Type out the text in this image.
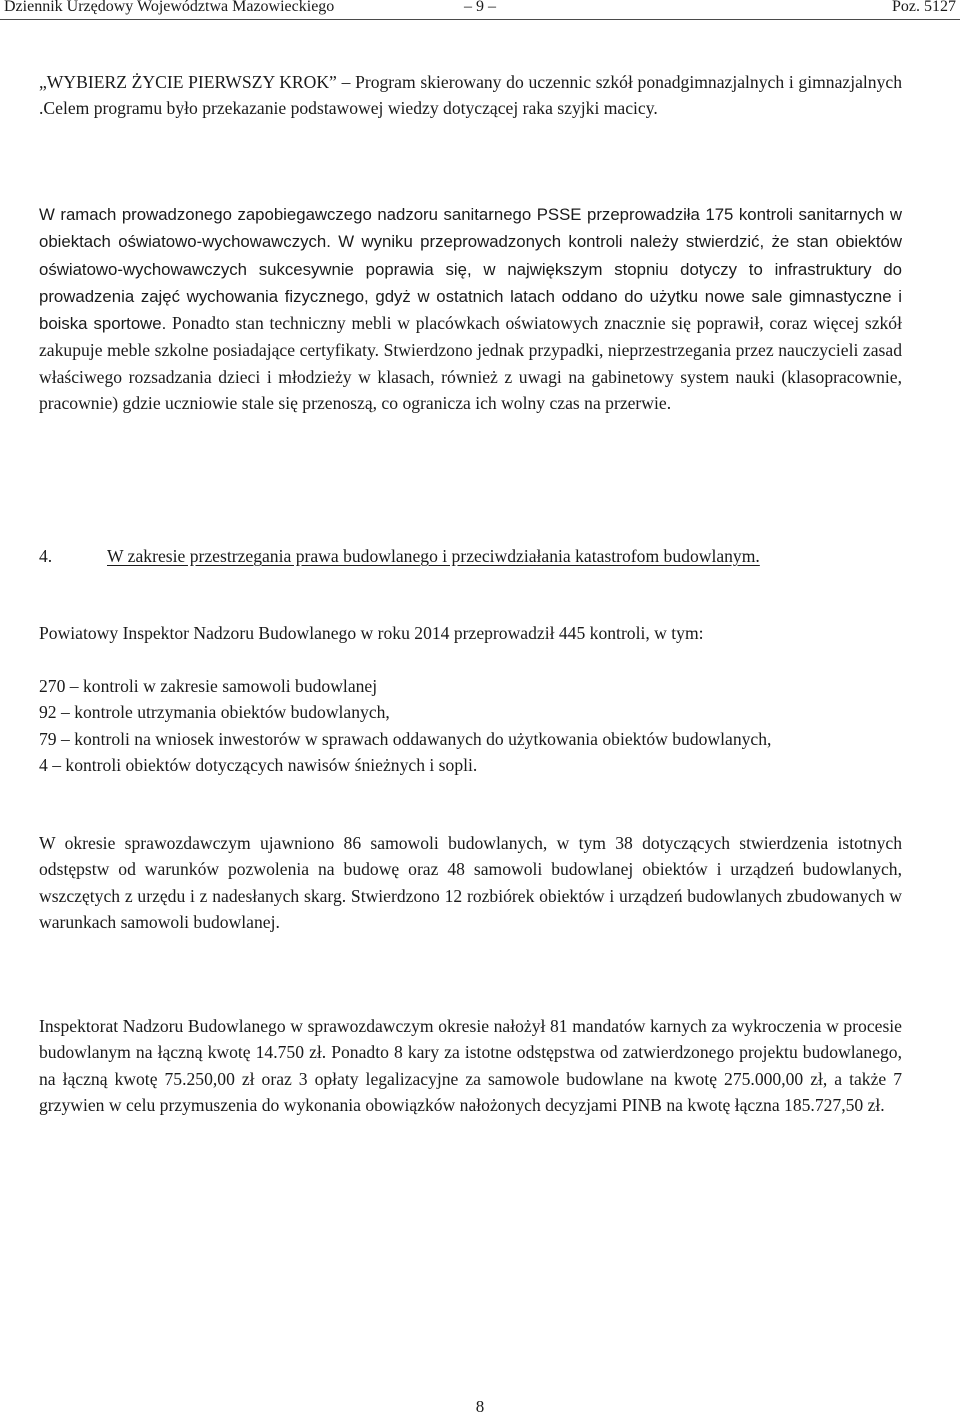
Dziennik Urzędowy Województwa Mazowieckiego	– 9 –	Poz. 5127

„WYBIERZ ŻYCIE PIERWSZY KROK” – Program skierowany do uczennic szkół ponadgimnazjalnych i gimnazjalnych .Celem programu było przekazanie podstawowej wiedzy dotyczącej raka szyjki macicy.

W ramach prowadzonego zapobiegawczego nadzoru sanitarnego PSSE przeprowadziła 175 kontroli sanitarnych w obiektach oświatowo-wychowawczych. W wyniku przeprowadzonych kontroli należy stwierdzić, że stan obiektów oświatowo-wychowawczych sukcesywnie poprawia się, w największym stopniu dotyczy to infrastruktury do prowadzenia zajęć wychowania fizycznego, gdyż w ostatnich latach oddano do użytku nowe sale gimnastyczne i boiska sportowe. Ponadto stan techniczny mebli w placówkach oświatowych znacznie się poprawił, coraz więcej szkół zakupuje meble szkolne posiadające certyfikaty. Stwierdzono jednak przypadki, nieprzestrzegania przez nauczycieli zasad właściwego rozsadzania dzieci i młodzieży w klasach, również z uwagi na gabinetowy system nauki (klasopracownie, pracownie) gdzie uczniowie stale się przenoszą, co ogranicza ich wolny czas na przerwie.

4.	W zakresie przestrzegania prawa budowlanego i przeciwdziałania katastrofom budowlanym.

Powiatowy Inspektor Nadzoru Budowlanego w roku 2014 przeprowadził 445 kontroli, w tym:

270 – kontroli w zakresie samowoli budowlanej
92 – kontrole utrzymania obiektów budowlanych,
79 – kontroli na wniosek inwestorów w sprawach oddawanych do użytkowania obiektów budowlanych,
4 – kontroli obiektów dotyczących nawisów śnieżnych i sopli.

W okresie sprawozdawczym ujawniono 86 samowoli budowlanych, w tym 38 dotyczących stwierdzenia istotnych odstępstw od warunków pozwolenia na budowę oraz 48 samowoli budowlanej obiektów i urządzeń budowlanych, wszczętych z urzędu i z nadesłanych skarg. Stwierdzono 12 rozbiórek obiektów i urządzeń budowlanych zbudowanych w warunkach samowoli budowlanej.

Inspektorat Nadzoru Budowlanego w sprawozdawczym okresie nałożył 81 mandatów karnych za wykroczenia w procesie budowlanym na łączną kwotę 14.750 zł. Ponadto 8 kary za istotne odstępstwa od zatwierdzonego projektu budowlanego, na łączną kwotę 75.250,00 zł oraz 3 opłaty legalizacyjne za samowole budowlane na kwotę 275.000,00 zł, a także 7 grzywien w celu przymuszenia do wykonania obowiązków nałożonych decyzjami PINB na kwotę łączna 185.727,50 zł.

8
